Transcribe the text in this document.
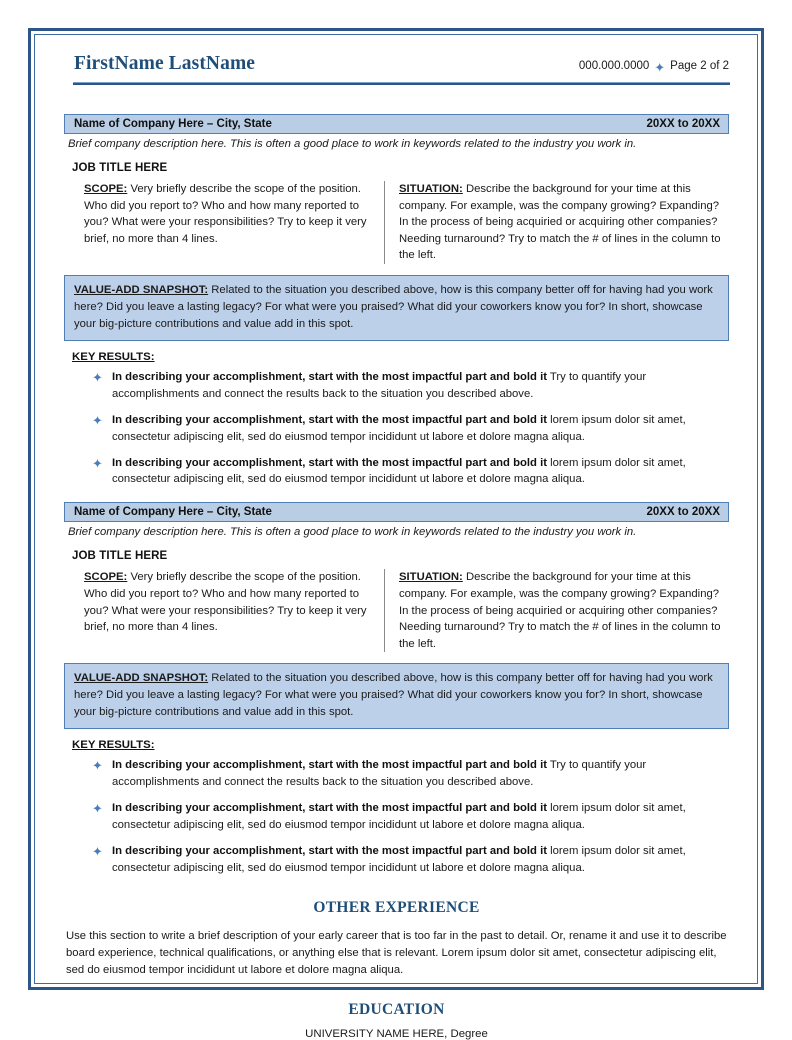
FirstName LastName	000.000.0000 ✦ Page 2 of 2
Name of Company Here – City, State	20XX to 20XX
Brief company description here. This is often a good place to work in keywords related to the industry you work in.
JOB TITLE HERE

SCOPE: Very briefly describe the scope of the position. Who did you report to? Who and how many reported to you? What were your responsibilities? Try to keep it very brief, no more than 4 lines.

SITUATION: Describe the background for your time at this company. For example, was the company growing? Expanding? In the process of being acquiried or acquiring other companies? Needing turnaround? Try to match the # of lines in the column to the left.

VALUE-ADD SNAPSHOT: Related to the situation you described above, how is this company better off for having had you work here? Did you leave a lasting legacy? For what were you praised? What did your coworkers know you for? In short, showcase your big-picture contributions and value add in this spot.
KEY RESULTS:
✦ In describing your accomplishment, start with the most impactful part and bold it Try to quantify your accomplishments and connect the results back to the situation you described above.
✦ In describing your accomplishment, start with the most impactful part and bold it lorem ipsum dolor sit amet, consectetur adipiscing elit, sed do eiusmod tempor incididunt ut labore et dolore magna aliqua.
✦ In describing your accomplishment, start with the most impactful part and bold it lorem ipsum dolor sit amet, consectetur adipiscing elit, sed do eiusmod tempor incididunt ut labore et dolore magna aliqua.
Name of Company Here – City, State	20XX to 20XX
Brief company description here. This is often a good place to work in keywords related to the industry you work in.
JOB TITLE HERE

SCOPE: Very briefly describe the scope of the position. Who did you report to? Who and how many reported to you? What were your responsibilities? Try to keep it very brief, no more than 4 lines.

SITUATION: Describe the background for your time at this company. For example, was the company growing? Expanding? In the process of being acquiried or acquiring other companies? Needing turnaround? Try to match the # of lines in the column to the left.

VALUE-ADD SNAPSHOT: Related to the situation you described above, how is this company better off for having had you work here? Did you leave a lasting legacy? For what were you praised? What did your coworkers know you for? In short, showcase your big-picture contributions and value add in this spot.
KEY RESULTS:
✦ In describing your accomplishment, start with the most impactful part and bold it Try to quantify your accomplishments and connect the results back to the situation you described above.
✦ In describing your accomplishment, start with the most impactful part and bold it lorem ipsum dolor sit amet, consectetur adipiscing elit, sed do eiusmod tempor incididunt ut labore et dolore magna aliqua.
✦ In describing your accomplishment, start with the most impactful part and bold it lorem ipsum dolor sit amet, consectetur adipiscing elit, sed do eiusmod tempor incididunt ut labore et dolore magna aliqua.
OTHER EXPERIENCE
Use this section to write a brief description of your early career that is too far in the past to detail. Or, rename it and use it to describe board experience, technical qualifications, or anything else that is relevant. Lorem ipsum dolor sit amet, consectetur adipiscing elit, sed do eiusmod tempor incididunt ut labore et dolore magna aliqua.
EDUCATION
UNIVERSITY NAME HERE, Degree
